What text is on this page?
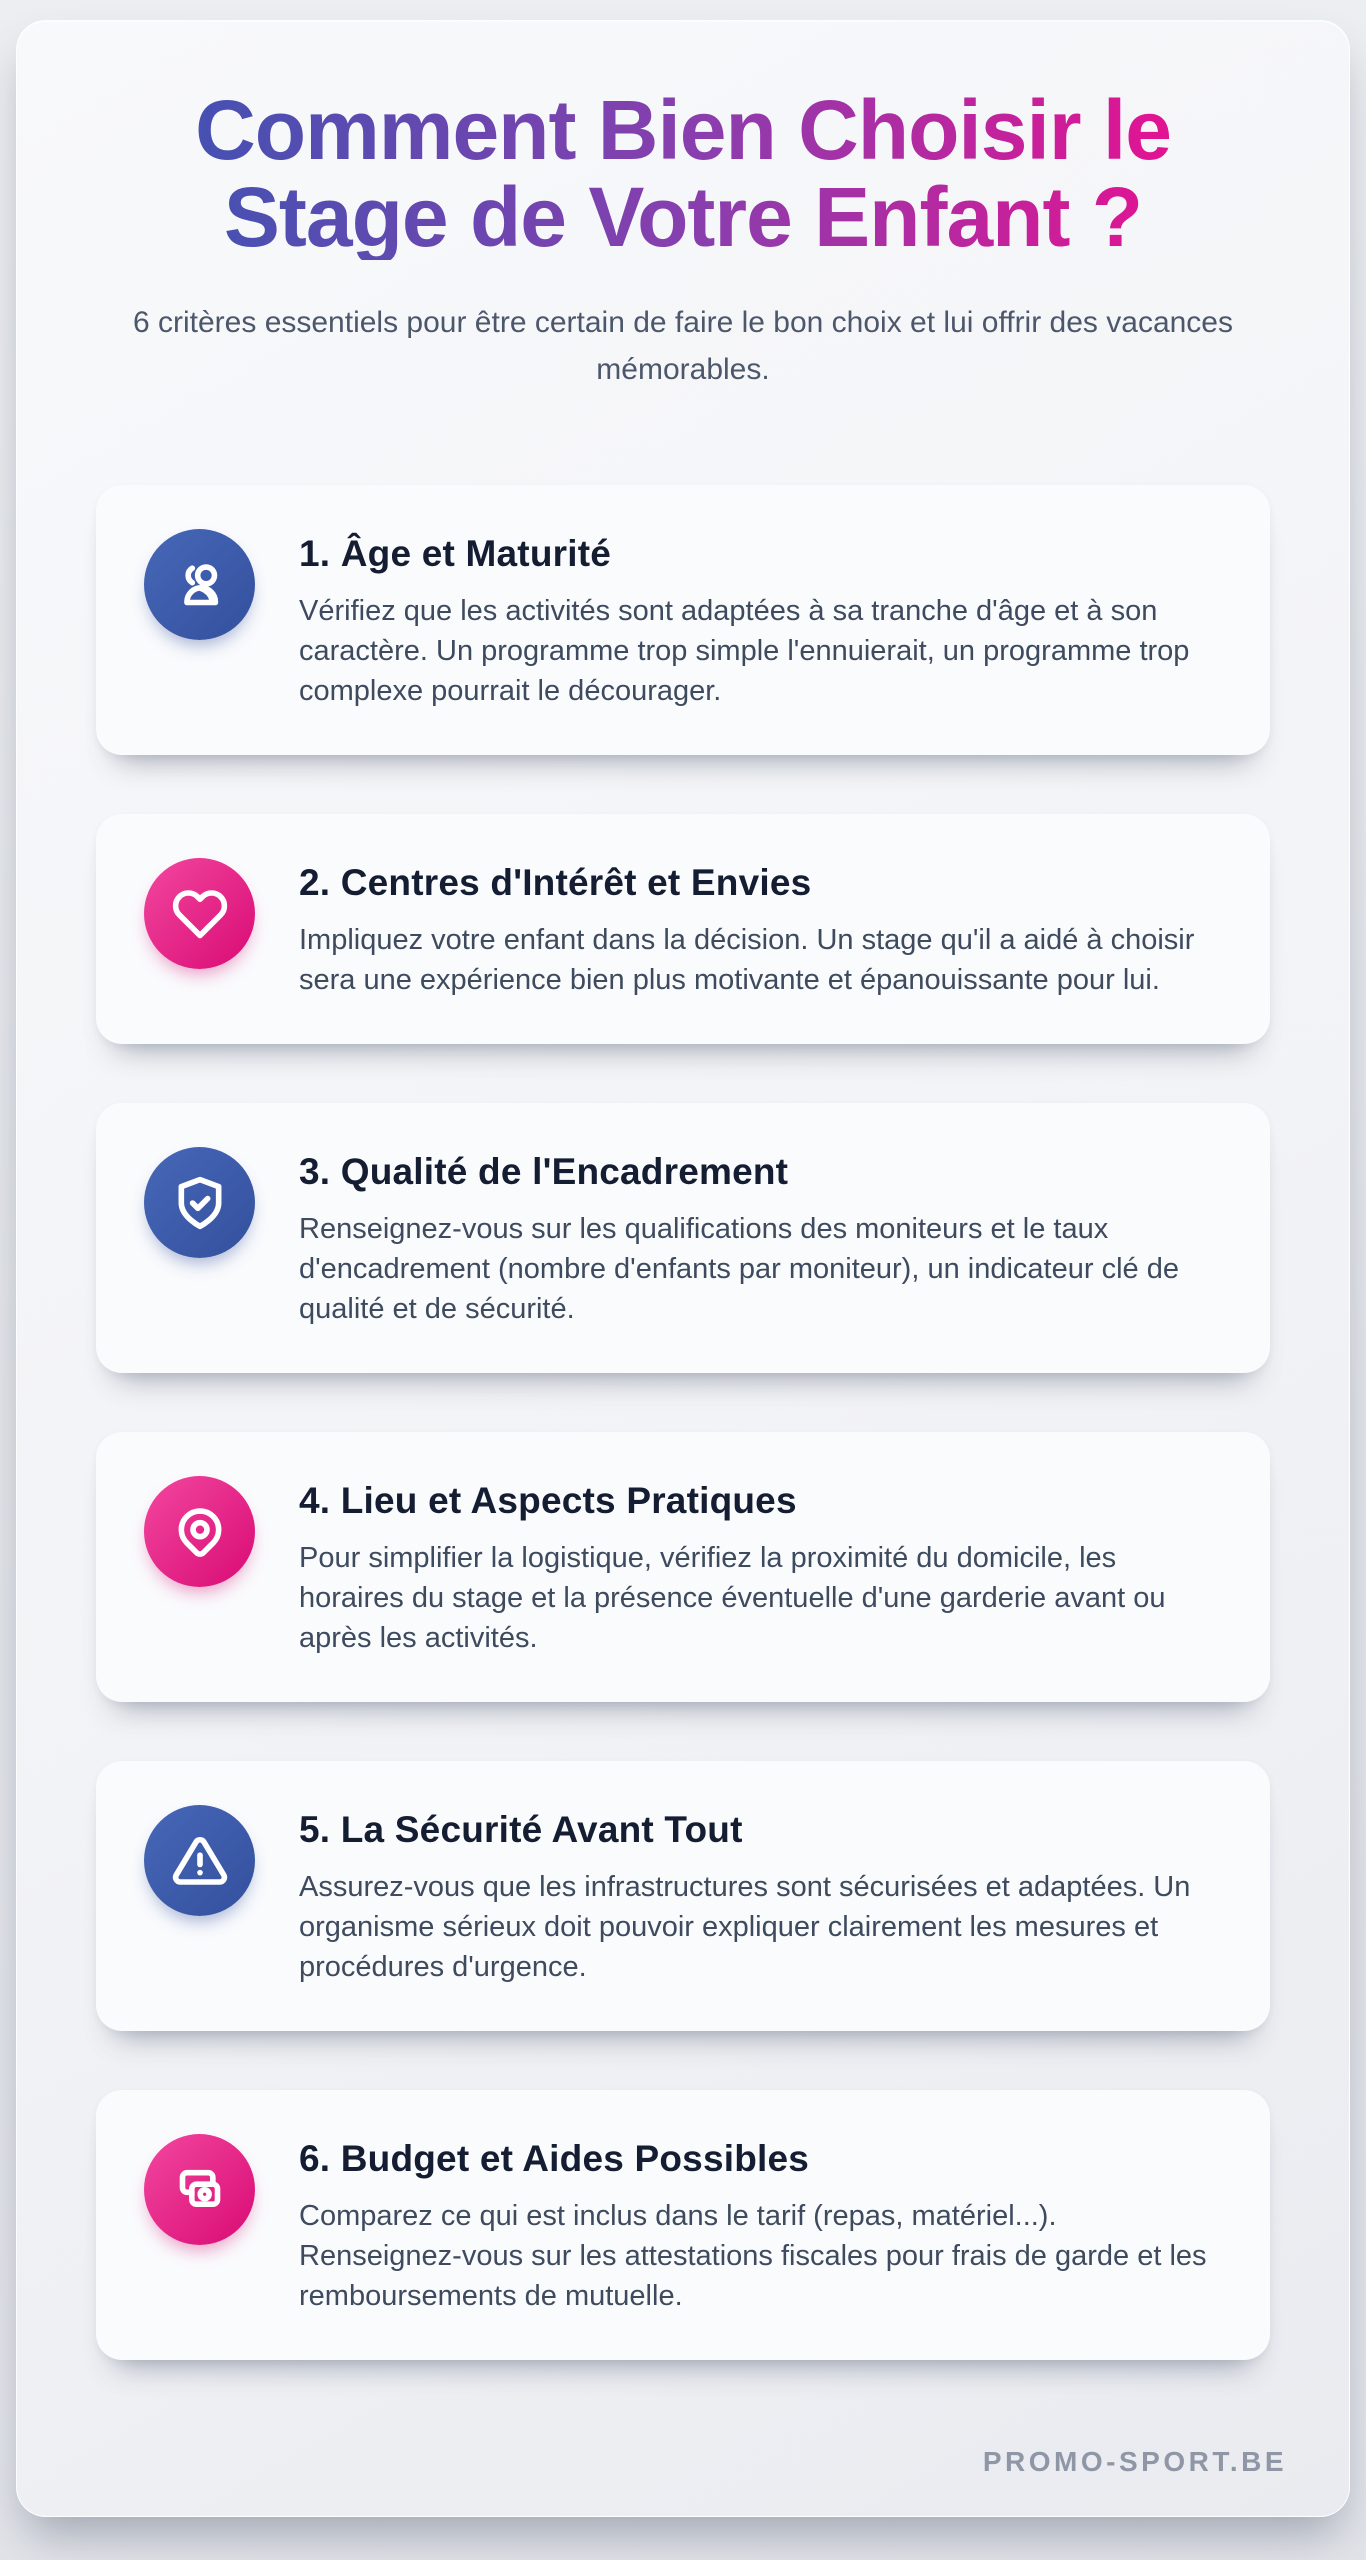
Comment Bien Choisir le Stage de Votre Enfant ?

6 critères essentiels pour être certain de faire le bon choix et lui offrir des vacances mémorables.

1. Âge et Maturité

Vérifiez que les activités sont adaptées à sa tranche d'âge et à son caractère. Un programme trop simple l'ennuierait, un programme trop complexe pourrait le décourager.

2. Centres d'Intérêt et Envies

Impliquez votre enfant dans la décision. Un stage qu'il a aidé à choisir sera une expérience bien plus motivante et épanouissante pour lui.

3. Qualité de l'Encadrement

Renseignez-vous sur les qualifications des moniteurs et le taux d'encadrement (nombre d'enfants par moniteur), un indicateur clé de qualité et de sécurité.

4. Lieu et Aspects Pratiques

Pour simplifier la logistique, vérifiez la proximité du domicile, les horaires du stage et la présence éventuelle d'une garderie avant ou après les activités.

5. La Sécurité Avant Tout

Assurez-vous que les infrastructures sont sécurisées et adaptées. Un organisme sérieux doit pouvoir expliquer clairement les mesures et procédures d'urgence.

6. Budget et Aides Possibles

Comparez ce qui est inclus dans le tarif (repas, matériel...). Renseignez-vous sur les attestations fiscales pour frais de garde et les remboursements de mutuelle.

PROMO-SPORT.BE
